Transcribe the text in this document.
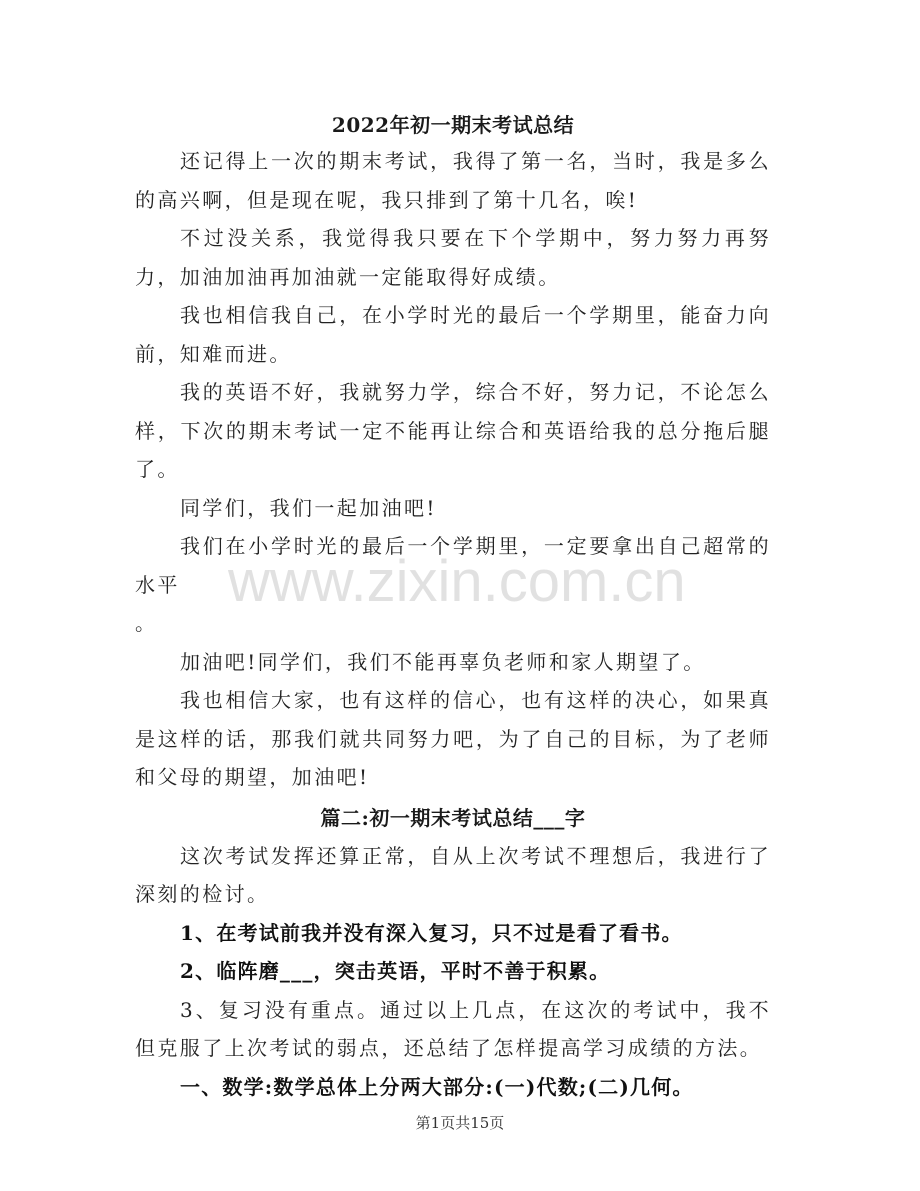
www.zixin.com.cn
2022年初一期末考试总结

还记得上一次的期末考试，我得了第一名，当时，我是多么的高兴啊，但是现在呢，我只排到了第十几名，唉!

不过没关系，我觉得我只要在下个学期中，努力努力再努力，加油加油再加油就一定能取得好成绩。

我也相信我自己，在小学时光的最后一个学期里，能奋力向前，知难而进。

我的英语不好，我就努力学，综合不好，努力记，不论怎么样，下次的期末考试一定不能再让综合和英语给我的总分拖后腿了。

同学们，我们一起加油吧!

我们在小学时光的最后一个学期里，一定要拿出自己超常的水平

。

加油吧!同学们，我们不能再辜负老师和家人期望了。

我也相信大家，也有这样的信心，也有这样的决心，如果真是这样的话，那我们就共同努力吧，为了自己的目标，为了老师和父母的期望，加油吧!

篇二:初一期末考试总结___字

这次考试发挥还算正常，自从上次考试不理想后，我进行了深刻的检讨。

1、在考试前我并没有深入复习，只不过是看了看书。

2、临阵磨___，突击英语，平时不善于积累。

3、复习没有重点。通过以上几点，在这次的考试中，我不但克服了上次考试的弱点，还总结了怎样提高学习成绩的方法。

一、数学:数学总体上分两大部分:(一)代数;(二)几何。

第1页共15页
